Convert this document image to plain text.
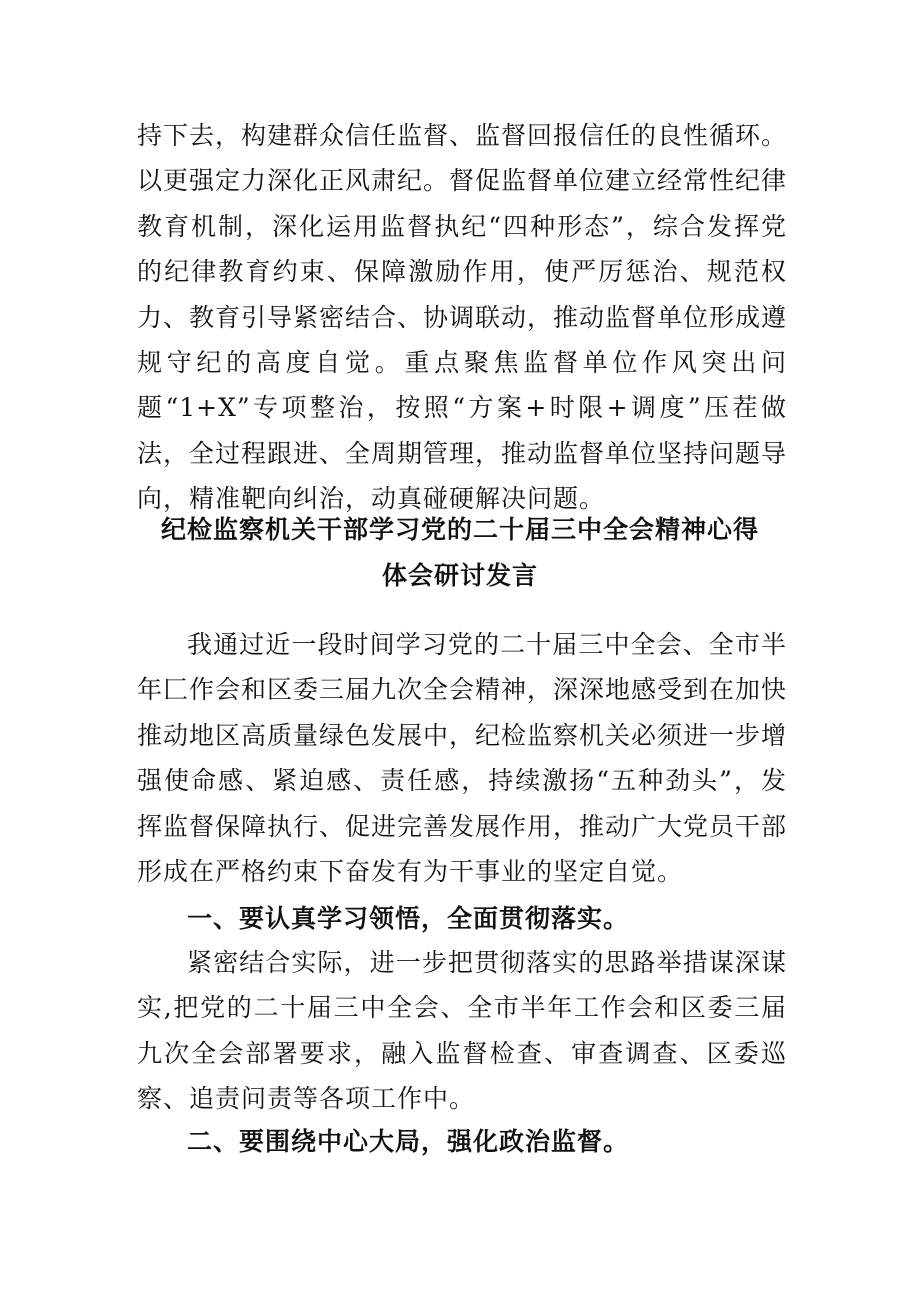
持下去，构建群众信任监督、监督回报信任的良性循环。以更强定力深化正风肃纪。督促监督单位建立经常性纪律教育机制，深化运用监督执纪“四种形态”，综合发挥党的纪律教育约束、保障激励作用，使严厉惩治、规范权力、教育引导紧密结合、协调联动，推动监督单位形成遵规守纪的高度自觉。重点聚焦监督单位作风突出问题“1+X”专项整治，按照“方案+时限+调度”压茬做法，全过程跟进、全周期管理，推动监督单位坚持问题导向，精准靶向纠治，动真碰硬解决问题。
纪检监察机关干部学习党的二十届三中全会精神心得
体会研讨发言

我通过近一段时间学习党的二十届三中全会、全市半年匚作会和区委三届九次全会精神，深深地感受到在加快推动地区高质量绿色发展中，纪检监察机关必须进一步增强使命感、紧迫感、责任感，持续激扬“五种劲头”，发挥监督保障执行、促进完善发展作用，推动广大党员干部形成在严格约束下奋发有为干事业的坚定自觉。

一、要认真学习领悟，全面贯彻落实。

紧密结合实际，进一步把贯彻落实的思路举措谋深谋实,把党的二十届三中全会、全市半年工作会和区委三届九次全会部署要求，融入监督检查、审查调查、区委巡察、追责问责等各项工作中。

二、要围绕中心大局，强化政治监督。
